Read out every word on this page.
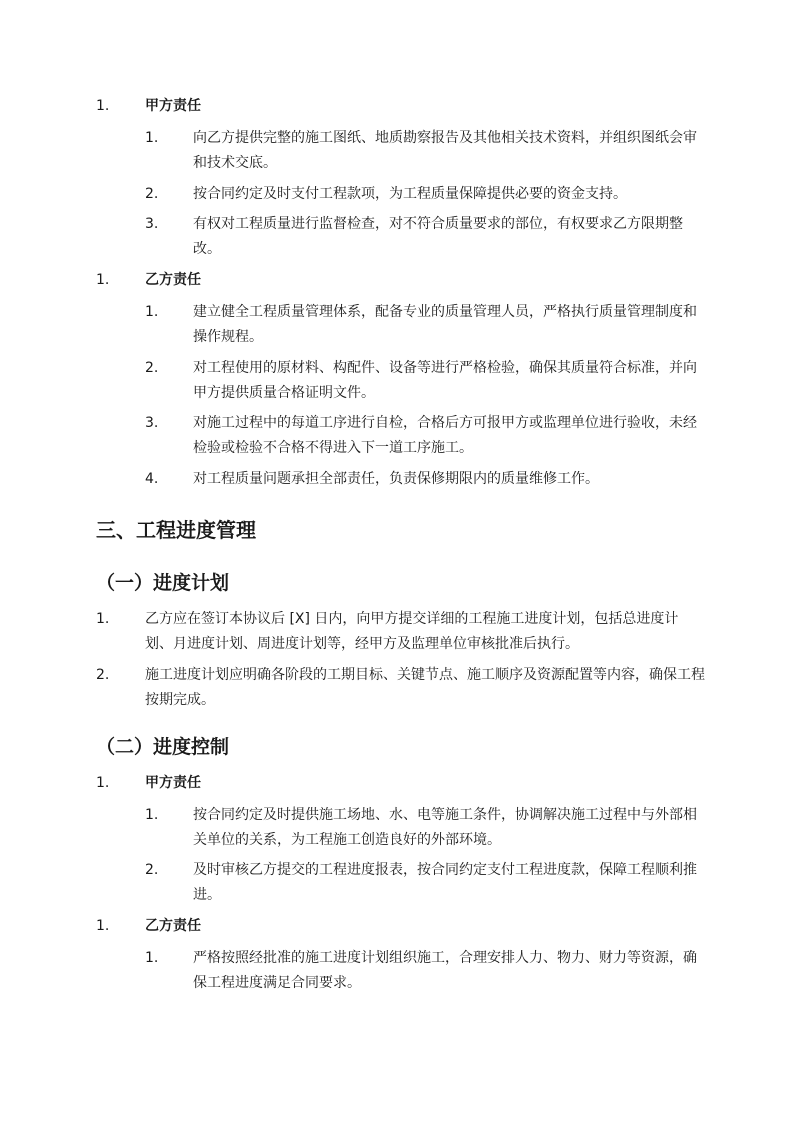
1.	甲方责任
1. 向乙方提供完整的施工图纸、地质勘察报告及其他相关技术资料，并组织图纸会审和技术交底。
2. 按合同约定及时支付工程款项，为工程质量保障提供必要的资金支持。
3. 有权对工程质量进行监督检查，对不符合质量要求的部位，有权要求乙方限期整改。
1.	乙方责任
1. 建立健全工程质量管理体系，配备专业的质量管理人员，严格执行质量管理制度和操作规程。
2. 对工程使用的原材料、构配件、设备等进行严格检验，确保其质量符合标准，并向甲方提供质量合格证明文件。
3. 对施工过程中的每道工序进行自检，合格后方可报甲方或监理单位进行验收，未经检验或检验不合格不得进入下一道工序施工。
4. 对工程质量问题承担全部责任，负责保修期限内的质量维修工作。
三、工程进度管理
（一）进度计划
1.	乙方应在签订本协议后 [X] 日内，向甲方提交详细的工程施工进度计划，包括总进度计划、月进度计划、周进度计划等，经甲方及监理单位审核批准后执行。
2.	施工进度计划应明确各阶段的工期目标、关键节点、施工顺序及资源配置等内容，确保工程按期完成。
（二）进度控制
1.	甲方责任
1. 按合同约定及时提供施工场地、水、电等施工条件，协调解决施工过程中与外部相关单位的关系，为工程施工创造良好的外部环境。
2. 及时审核乙方提交的工程进度报表，按合同约定支付工程进度款，保障工程顺利推进。
1.	乙方责任
1. 严格按照经批准的施工进度计划组织施工，合理安排人力、物力、财力等资源，确保工程进度满足合同要求。
